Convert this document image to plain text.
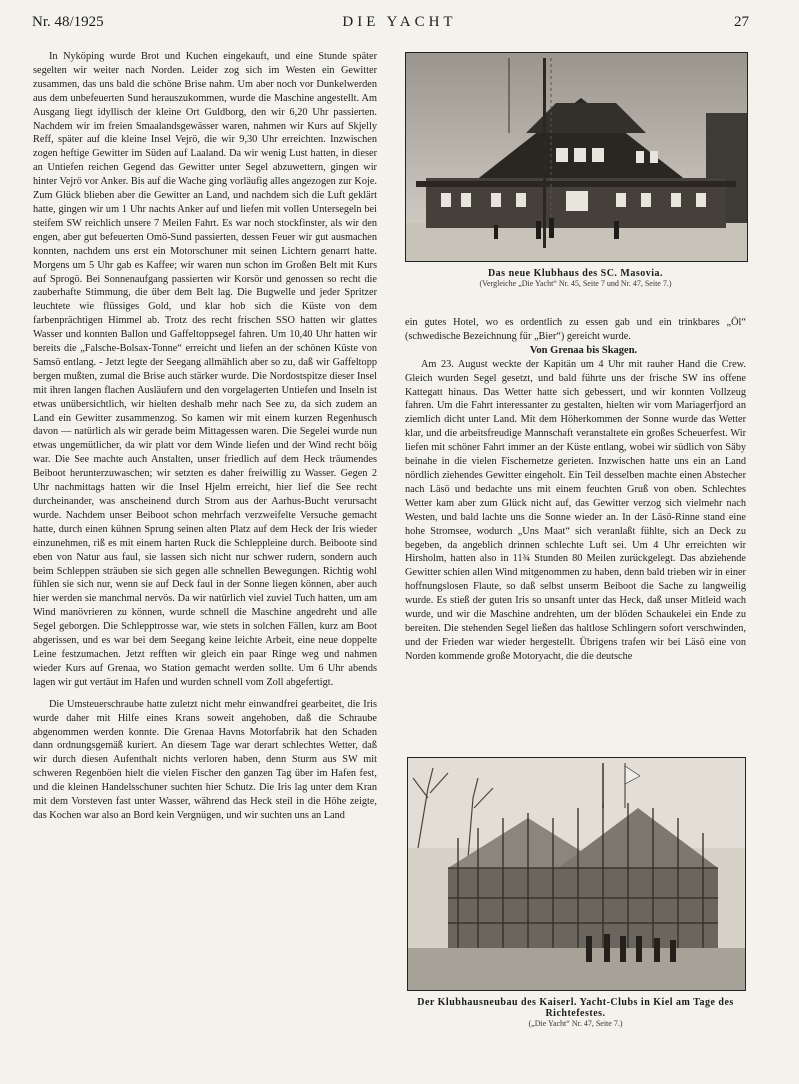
Nr. 48/1925	DIE YACHT	27

In Nyköping wurde Brot und Kuchen eingekauft, und eine Stunde später segelten wir weiter nach Norden. Leider zog sich im Westen ein Gewitter zusammen, das uns bald die schöne Brise nahm. Um aber noch vor Dunkelwerden aus dem unbefeuerten Sund herauszukommen, wurde die Maschine angestellt. Am Ausgang liegt idyllisch der kleine Ort Guldborg, den wir 6,20 Uhr passierten. Nachdem wir im freien Smaalandsgewässer waren, nahmen wir Kurs auf Skjelly Reff, später auf die kleine Insel Vejrö, die wir 9,30 Uhr erreichten. Inzwischen zogen heftige Gewitter im Süden auf Laaland. Da wir wenig Lust hatten, in dieser an Untiefen reichen Gegend das Gewitter unter Segel abzuwettern, gingen wir hinter Vejrö vor Anker. Bis auf die Wache ging vorläufig alles angezogen zur Koje. Zum Glück blieben aber die Gewitter an Land, und nachdem sich die Luft geklärt hatte, gingen wir um 1 Uhr nachts Anker auf und liefen mit vollen Untersegeln bei steifem SW reichlich unsere 7 Meilen Fahrt. Es war noch stockfinster, als wir den engen, aber gut befeuerten Omö-Sund passierten, dessen Feuer wir gut ausmachen konnten, nachdem uns erst ein Motorschuner mit seinen Lichtern genarrt hatte. Morgens um 5 Uhr gab es Kaffee; wir waren nun schon im Großen Belt mit Kurs auf Sprogö. Bei Sonnenaufgang passierten wir Korsör und genossen so recht die zauberhafte Stimmung, die über dem Belt lag. Die Bugwelle und jeder Spritzer leuchtete wie flüssiges Gold, und klar hob sich die Küste von dem farbenprächtigen Himmel ab. Trotz des recht frischen SSO hatten wir glattes Wasser und konnten Ballon und Gaffeltoppsegel fahren. Um 10,40 Uhr hatten wir bereits die „Falsche-Bolsax-Tonne“ erreicht und liefen an der schönen Küste von Samsö entlang. - Jetzt legte der Seegang allmählich aber so zu, daß wir Gaffeltopp bergen mußten, zumal die Brise auch stärker wurde. Die Nordostspitze dieser Insel mit ihren langen flachen Ausläufern und den vorgelagerten Untiefen und Inseln ist etwas unübersichtlich, wir hielten deshalb mehr nach See zu, da sich zudem an Land ein Gewitter zusammenzog. So kamen wir mit einem kurzen Regenhusch davon — natürlich als wir gerade beim Mittagessen waren. Die Segelei wurde nun etwas ungemütlicher, da wir platt vor dem Winde liefen und der Wind recht böig war. Die See machte auch Anstalten, unser friedlich auf dem Heck träumendes Beiboot herunterzuwaschen; wir setzten es daher freiwillig zu Wasser. Gegen 2 Uhr nachmittags hatten wir die Insel Hjelm erreicht, hier lief die See recht durcheinander, was anscheinend durch Strom aus der Aarhus-Bucht verursacht wurde. Nachdem unser Beiboot schon mehrfach verzweifelte Versuche gemacht hatte, durch einen kühnen Sprung seinen alten Platz auf dem Heck der Iris wieder einzunehmen, riß es mit einem harten Ruck die Schleppleine durch. Beiboote sind eben von Natur aus faul, sie lassen sich nicht nur schwer rudern, sondern auch beim Schleppen sträuben sie sich gegen alle schnellen Bewegungen. Richtig wohl fühlen sie sich nur, wenn sie auf Deck faul in der Sonne liegen können, aber auch hier werden sie manchmal nervös. Da wir natürlich viel zuviel Tuch hatten, um am Wind manövrieren zu können, wurde schnell die Maschine angedreht und alle Segel geborgen. Die Schlepptrosse war, wie stets in solchen Fällen, kurz am Boot abgerissen, und es war bei dem Seegang keine leichte Arbeit, eine neue doppelte Leine festzumachen. Jetzt refften wir gleich ein paar Ringe weg und nahmen wieder Kurs auf Grenaa, wo Station gemacht werden sollte. Um 6 Uhr abends lagen wir gut vertäut im Hafen und wurden schnell vom Zoll abgefertigt.

Die Umsteuerschraube hatte zuletzt nicht mehr einwandfrei gearbeitet, die Iris wurde daher mit Hilfe eines Krans soweit angehoben, daß die Schraube abgenommen werden konnte. Die Grenaa Havns Motorfabrik hat den Schaden dann ordnungsgemäß kuriert. An diesem Tage war derart schlechtes Wetter, daß wir durch diesen Aufenthalt nichts verloren haben, denn Sturm aus SW mit schweren Regenböen hielt die vielen Fischer den ganzen Tag über im Hafen fest, und die kleinen Handelsschuner suchten hier Schutz. Die Iris lag unter dem Kran mit dem Vorsteven fast unter Wasser, während das Heck steil in die Höhe zeigte, das Kochen war also an Bord kein Vergnügen, und wir suchten uns an Land

Das neue Klubhaus des SC. Masovia.
(Vergleiche „Die Yacht“ Nr. 45, Seite 7 und Nr. 47, Seite 7.)

ein gutes Hotel, wo es ordentlich zu essen gab und ein trinkbares „Öl“ (schwedische Bezeichnung für „Bier“) gereicht wurde.

Von Grenaa bis Skagen.

Am 23. August weckte der Kapitän um 4 Uhr mit rauher Hand die Crew. Gleich wurden Segel gesetzt, und bald führte uns der frische SW ins offene Kattegatt hinaus. Das Wetter hatte sich gebessert, und wir konnten Vollzeug fahren. Um die Fahrt interessanter zu gestalten, hielten wir vom Mariagerfjord an ziemlich dicht unter Land. Mit dem Höherkommen der Sonne wurde das Wetter klar, und die arbeitsfreudige Mannschaft veranstaltete ein großes Scheuerfest. Wir liefen mit schöner Fahrt immer an der Küste entlang, wobei wir südlich von Säby beinahe in die vielen Fischernetze gerieten. Inzwischen hatte uns ein an Land nördlich ziehendes Gewitter eingeholt. Ein Teil desselben machte einen Abstecher nach Läsö und bedachte uns mit einem feuchten Gruß von oben. Schlechtes Wetter kam aber zum Glück nicht auf, das Gewitter verzog sich vielmehr nach Westen, und bald lachte uns die Sonne wieder an. In der Läsö-Rinne stand eine hohe Stromsee, wodurch „Uns Maat“ sich veranlaßt fühlte, sich an Deck zu begeben, da angeblich drinnen schlechte Luft sei. Um 4 Uhr erreichten wir Hirsholm, hatten also in 11¾ Stunden 80 Meilen zurückgelegt. Das abziehende Gewitter schien allen Wind mitgenommen zu haben, denn bald trieben wir in einer hoffnungslosen Flaute, so daß selbst unserm Beiboot die Sache zu langweilig wurde. Es stieß der guten Iris so unsanft unter das Heck, daß unser Mitleid wach wurde, und wir die Maschine andrehten, um der blöden Schaukelei ein Ende zu bereiten. Die stehenden Segel ließen das haltlose Schlingern sofort verschwinden, und der Frieden war wieder hergestellt. Übrigens trafen wir bei Läsö eine von Norden kommende große Motoryacht, die die deutsche

Der Klubhausneubau des Kaiserl. Yacht-Clubs in Kiel am Tage des Richtefestes.
(„Die Yacht“ Nr. 47, Seite 7.)
